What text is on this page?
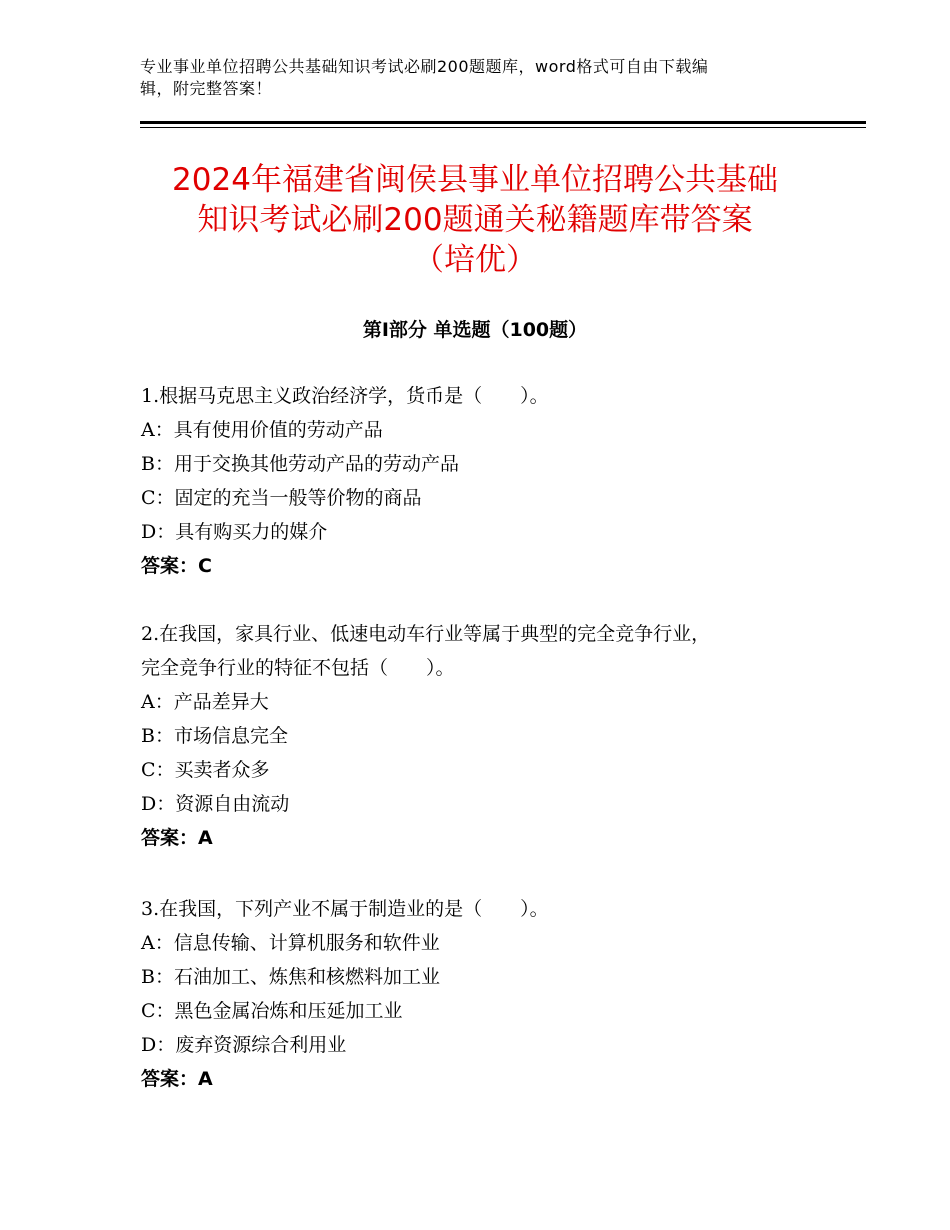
专业事业单位招聘公共基础知识考试必刷200题题库，word格式可自由下载编
辑，附完整答案！
2024年福建省闽侯县事业单位招聘公共基础
知识考试必刷200题通关秘籍题库带答案
（培优）
第Ⅰ部分 单选题（100题）
1.根据马克思主义政治经济学，货币是（　　）。
A：具有使用价值的劳动产品
B：用于交换其他劳动产品的劳动产品
C：固定的充当一般等价物的商品
D：具有购买力的媒介
答案：C
2.在我国，家具行业、低速电动车行业等属于典型的完全竞争行业，
完全竞争行业的特征不包括（　　）。
A：产品差异大
B：市场信息完全
C：买卖者众多
D：资源自由流动
答案：A
3.在我国，下列产业不属于制造业的是（　　）。
A：信息传输、计算机服务和软件业
B：石油加工、炼焦和核燃料加工业
C：黑色金属冶炼和压延加工业
D：废弃资源综合利用业
答案：A
